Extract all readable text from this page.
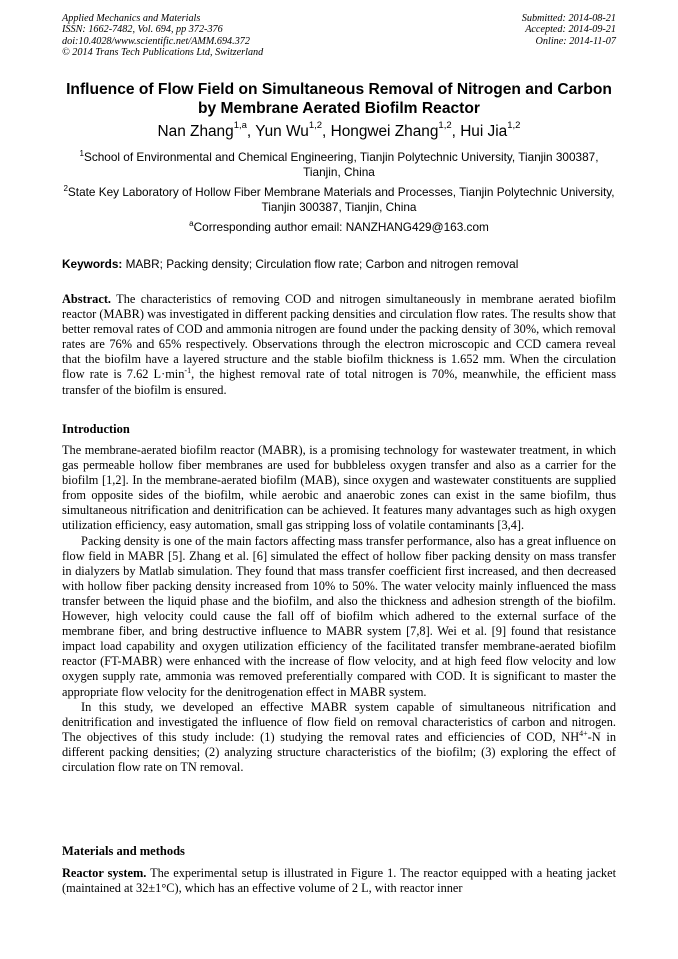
Applied Mechanics and Materials
ISSN: 1662-7482, Vol. 694, pp 372-376
doi:10.4028/www.scientific.net/AMM.694.372
© 2014 Trans Tech Publications Ltd, Switzerland
Submitted: 2014-08-21
Accepted: 2014-09-21
Online: 2014-11-07
Influence of Flow Field on Simultaneous Removal of Nitrogen and Carbon by Membrane Aerated Biofilm Reactor
Nan Zhang$^{1,a}$, Yun Wu$^{1,2}$, Hongwei Zhang$^{1,2}$, Hui Jia$^{1,2}$
$^1$School of Environmental and Chemical Engineering, Tianjin Polytechnic University, Tianjin 300387, Tianjin, China
$^2$State Key Laboratory of Hollow Fiber Membrane Materials and Processes, Tianjin Polytechnic University, Tianjin 300387, Tianjin, China
$^a$Corresponding author email: NANZHANG429@163.com
Keywords: MABR; Packing density; Circulation flow rate; Carbon and nitrogen removal

Abstract. The characteristics of removing COD and nitrogen simultaneously in membrane aerated biofilm reactor (MABR) was investigated in different packing densities and circulation flow rates. The results show that better removal rates of COD and ammonia nitrogen are found under the packing density of 30%, which removal rates are 76% and 65% respectively. Observations through the electron microscopic and CCD camera reveal that the biofilm have a layered structure and the stable biofilm thickness is 1.652 mm. When the circulation flow rate is 7.62 $L\cdot\min^{-1}$, the highest removal rate of total nitrogen is 70%, meanwhile, the efficient mass transfer of the biofilm is ensured.

Introduction

The membrane-aerated biofilm reactor (MABR), is a promising technology for wastewater treatment, in which gas permeable hollow fiber membranes are used for bubbleless oxygen transfer and also as a carrier for the biofilm [1,2]. In the membrane-aerated biofilm (MAB), since oxygen and wastewater constituents are supplied from opposite sides of the biofilm, while aerobic and anaerobic zones can exist in the same biofilm, thus simultaneous nitrification and denitrification can be achieved. It features many advantages such as high oxygen utilization efficiency, easy automation, small gas stripping loss of volatile contaminants [3,4].

Packing density is one of the main factors affecting mass transfer performance, also has a great influence on flow field in MABR [5]. Zhang et al. [6] simulated the effect of hollow fiber packing density on mass transfer in dialyzers by Matlab simulation. They found that mass transfer coefficient first increased, and then decreased with hollow fiber packing density increased from 10% to 50%. The water velocity mainly influenced the mass transfer between the liquid phase and the biofilm, and also the thickness and adhesion strength of the biofilm. However, high velocity could cause the fall off of biofilm which adhered to the external surface of the membrane fiber, and bring destructive influence to MABR system [7,8]. Wei et al. [9] found that resistance impact load capability and oxygen utilization efficiency of the facilitated transfer membrane-aerated biofilm reactor (FT-MABR) were enhanced with the increase of flow velocity, and at high feed flow velocity and low oxygen supply rate, ammonia was removed preferentially compared with COD. It is significant to master the appropriate flow velocity for the denitrogenation effect in MABR system.

In this study, we developed an effective MABR system capable of simultaneous nitrification and denitrification and investigated the influence of flow field on removal characteristics of carbon and nitrogen. The objectives of this study include: (1) studying the removal rates and efficiencies of COD, $NH^{4+}-N$ in different packing densities; (2) analyzing structure characteristics of the biofilm; (3) exploring the effect of circulation flow rate on TN removal.

Materials and methods

Reactor system. The experimental setup is illustrated in Figure 1. The reactor equipped with a heating jacket (maintained at 32±1°C), which has an effective volume of 2 L, with reactor inner
